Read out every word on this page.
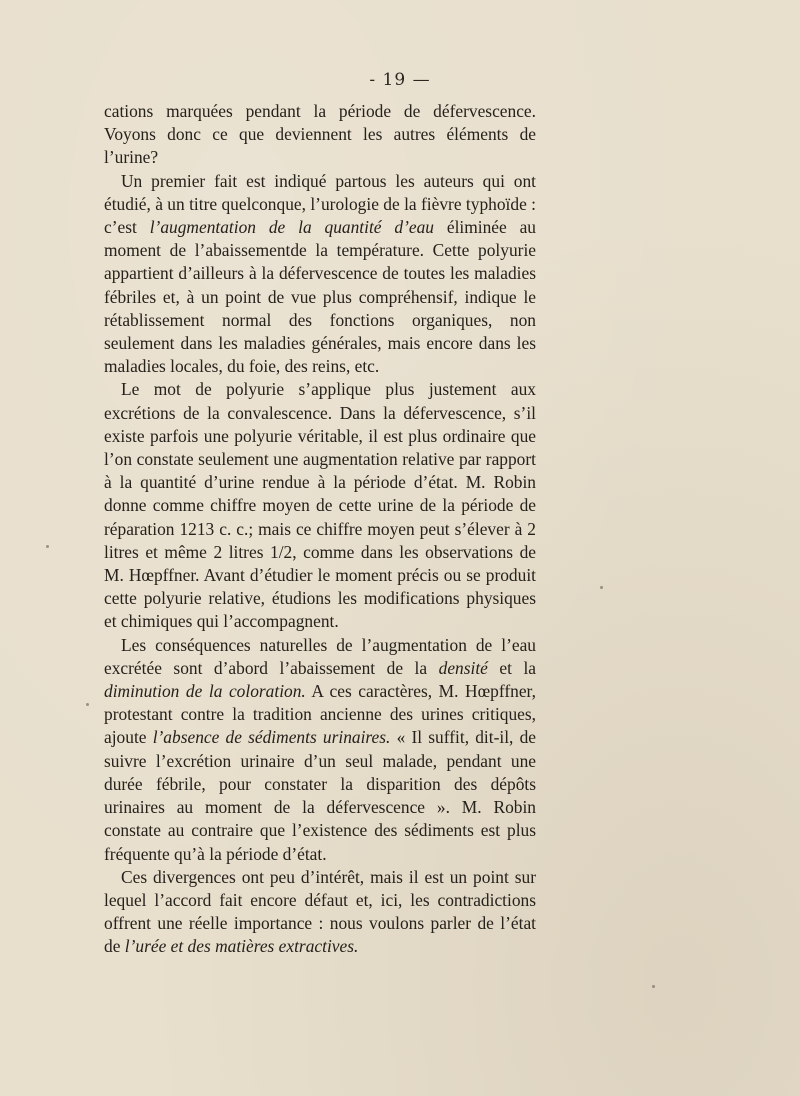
- 19 —

cations marquées pendant la période de défervescence. Voyons donc ce que deviennent les autres éléments de l’urine?

Un premier fait est indiqué partous les auteurs qui ont étudié, à un titre quelconque, l’urologie de la fièvre typhoïde : c’est l’augmentation de la quantité d’eau éliminée au moment de l’abaissementde la température. Cette polyurie appartient d’ailleurs à la défervescence de toutes les maladies fébriles et, à un point de vue plus compréhensif, indique le rétablissement normal des fonctions organiques, non seulement dans les maladies générales, mais encore dans les maladies locales, du foie, des reins, etc.

Le mot de polyurie s’applique plus justement aux excrétions de la convalescence. Dans la défervescence, s’il existe parfois une polyurie véritable, il est plus ordinaire que l’on constate seulement une augmentation relative par rapport à la quantité d’urine rendue à la période d’état. M. Robin donne comme chiffre moyen de cette urine de la période de réparation 1213 c. c.; mais ce chiffre moyen peut s’élever à 2 litres et même 2 litres 1/2, comme dans les observations de M. Hœpffner. Avant d’étudier le moment précis ou se produit cette polyurie relative, étudions les modifications physiques et chimiques qui l’accompagnent.

Les conséquences naturelles de l’augmentation de l’eau excrétée sont d’abord l’abaissement de la densité et la diminution de la coloration. A ces caractères, M. Hœpffner, protestant contre la tradition ancienne des urines critiques, ajoute l’absence de sédiments urinaires. « Il suffit, dit-il, de suivre l’excrétion urinaire d’un seul malade, pendant une durée fébrile, pour constater la disparition des dépôts urinaires au moment de la défervescence ». M. Robin constate au contraire que l’existence des sédiments est plus fréquente qu’à la période d’état.

Ces divergences ont peu d’intérêt, mais il est un point sur lequel l’accord fait encore défaut et, ici, les contradictions offrent une réelle importance : nous voulons parler de l’état de l’urée et des matières extractives.
